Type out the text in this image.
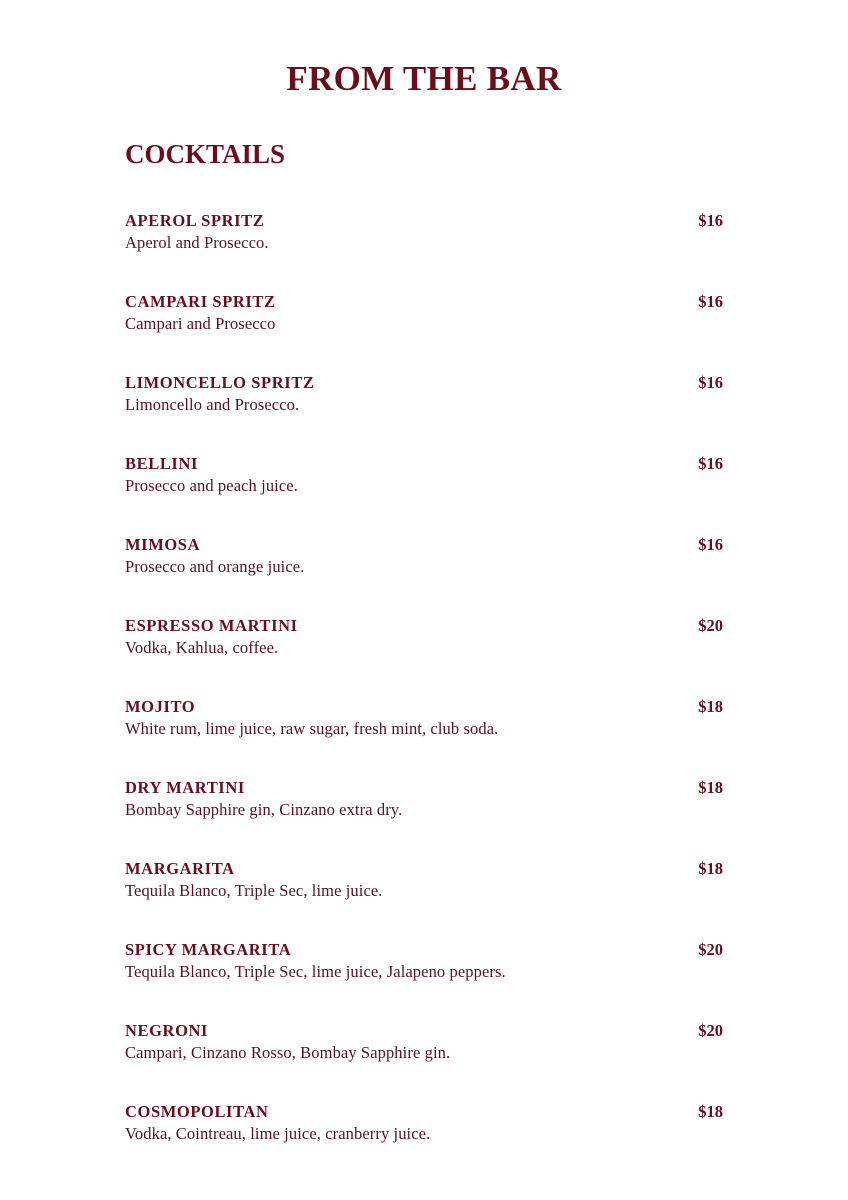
FROM THE BAR
COCKTAILS
APEROL SPRITZ	$16
Aperol and Prosecco.
CAMPARI SPRITZ	$16
Campari and Prosecco
LIMONCELLO SPRITZ	$16
Limoncello and Prosecco.
BELLINI	$16
Prosecco and peach juice.
MIMOSA	$16
Prosecco and orange juice.
ESPRESSO MARTINI	$20
Vodka, Kahlua, coffee.
MOJITO	$18
White rum, lime juice, raw sugar, fresh mint, club soda.
DRY MARTINI	$18
Bombay Sapphire gin, Cinzano extra dry.
MARGARITA	$18
Tequila Blanco, Triple Sec, lime juice.
SPICY MARGARITA	$20
Tequila Blanco, Triple Sec, lime juice, Jalapeno peppers.
NEGRONI	$20
Campari, Cinzano Rosso, Bombay Sapphire gin.
COSMOPOLITAN	$18
Vodka, Cointreau, lime juice, cranberry juice.
